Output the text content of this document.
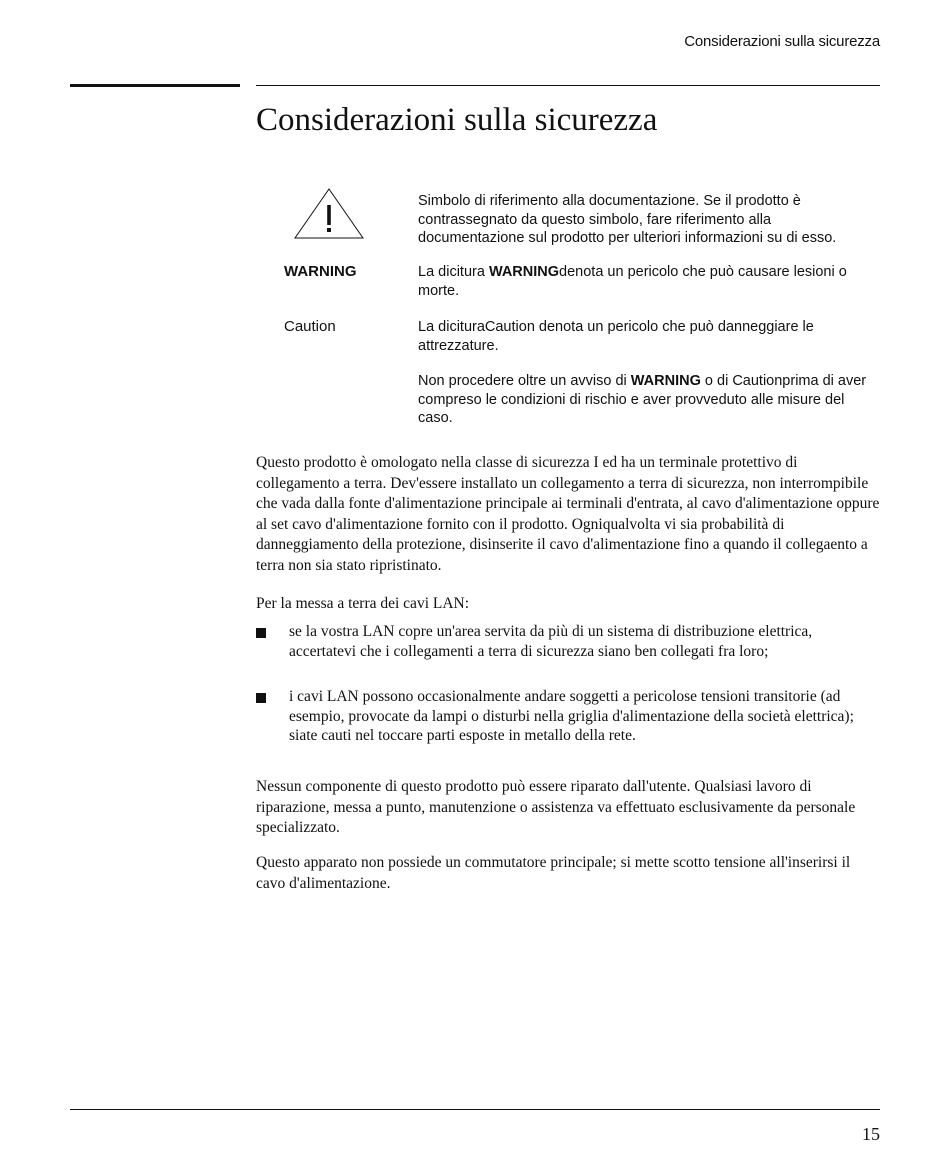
Considerazioni sulla sicurezza
Considerazioni sulla sicurezza

Simbolo di riferimento alla documentazione. Se il prodotto è contrassegnato da questo simbolo, fare riferimento alla documentazione sul prodotto per ulteriori informazioni su di esso.

WARNING	La dicitura WARNINGdenota un pericolo che può causare lesioni o morte.

Caution	La diciturаCaution denota un pericolo che può danneggiare le attrezzature.

Non procedere oltre un avviso di WARNING o di Cautionprima di aver compreso le condizioni di rischio e aver provveduto alle misure del caso.

Questo prodotto è omologato nella classe di sicurezza I ed ha un terminale protettivo di collegamento a terra. Dev'essere installato un collegamento a terra di sicurezza, non interrompibile che vada dalla fonte d'alimentazione principale ai terminali d'entrata, al cavo d'alimentazione oppure al set cavo d'alimentazione fornito con il prodotto. Ogniqualvolta vi sia probabilità di danneggiamento della protezione, disinserite il cavo d'alimentazione fino a quando il collegaento a terra non sia stato ripristinato.

Per la messa a terra dei cavi LAN:

se la vostra LAN copre un'area servita da più di un sistema di distribuzione elettrica, accertatevi che i collegamenti a terra di sicurezza siano ben collegati fra loro;

i cavi LAN possono occasionalmente andare soggetti a pericolose tensioni transitorie (ad esempio, provocate da lampi o disturbi nella griglia d'alimentazione della società elettrica); siate cauti nel toccare parti esposte in metallo della rete.

Nessun componente di questo prodotto può essere riparato dall'utente. Qualsiasi lavoro di riparazione, messa a punto, manutenzione o assistenza va effettuato esclusivamente da personale specializzato.

Questo apparato non possiede un commutatore principale; si mette scotto tensione all'inserirsi il cavo d'alimentazione.

15
